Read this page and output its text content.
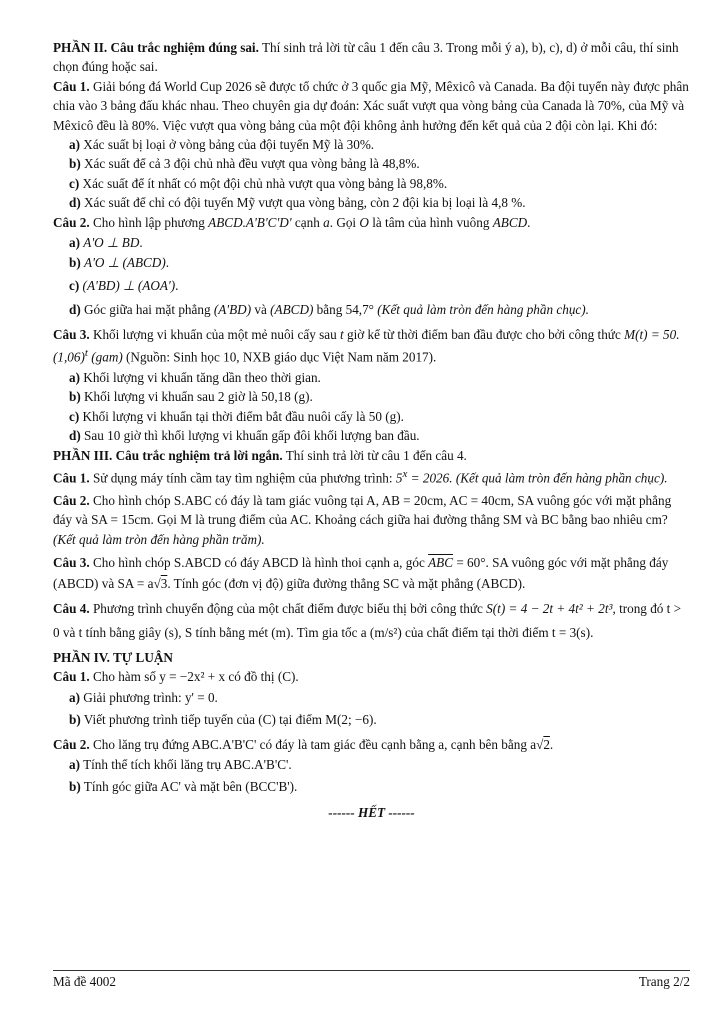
PHẦN II. Câu trắc nghiệm đúng sai. Thí sinh trả lời từ câu 1 đến câu 3. Trong mỗi ý a), b), c), d) ở mỗi câu, thí sinh chọn đúng hoặc sai.

Câu 1. Giải bóng đá World Cup 2026 sẽ được tổ chức ở 3 quốc gia Mỹ, Mêxicô và Canada. Ba đội tuyển này được phân chia vào 3 bảng đấu khác nhau. Theo chuyên gia dự đoán: Xác suất vượt qua vòng bảng của Canada là 70%, của Mỹ và Mêxicô đều là 80%. Việc vượt qua vòng bảng của một đội không ảnh hưởng đến kết quả của 2 đội còn lại. Khi đó:

a) Xác suất bị loại ở vòng bảng của đội tuyển Mỹ là 30%.

b) Xác suất để cả 3 đội chủ nhà đều vượt qua vòng bảng là 48,8%.

c) Xác suất để ít nhất có một đội chủ nhà vượt qua vòng bảng là 98,8%.

d) Xác suất để chỉ có đội tuyển Mỹ vượt qua vòng bảng, còn 2 đội kia bị loại là 4,8 %.

Câu 2. Cho hình lập phương ABCD.A'B'C'D' cạnh a. Gọi O là tâm của hình vuông ABCD.

a) A'O ⊥ BD.

b) A'O ⊥ (ABCD).

c) (A'BD) ⊥ (AOA').

d) Góc giữa hai mặt phẳng (A'BD) và (ABCD) bằng 54,7° (Kết quả làm tròn đến hàng phần chục).

Câu 3. Khối lượng vi khuẩn của một mẻ nuôi cấy sau t giờ kể từ thời điểm ban đầu được cho bởi công thức $M(t) = 50.(1,06)^t$ (gam) (Nguồn: Sinh học 10, NXB giáo dục Việt Nam năm 2017).

a) Khối lượng vi khuẩn tăng dần theo thời gian.

b) Khối lượng vi khuẩn sau 2 giờ là 50,18 (g).

c) Khối lượng vi khuẩn tại thời điểm bắt đầu nuôi cấy là 50 (g).

d) Sau 10 giờ thì khối lượng vi khuẩn gấp đôi khối lượng ban đầu.

PHẦN III. Câu trắc nghiệm trả lời ngắn. Thí sinh trả lời từ câu 1 đến câu 4.

Câu 1. Sử dụng máy tính cầm tay tìm nghiệm của phương trình: $5^x = 2026$. (Kết quả làm tròn đến hàng phần chục).

Câu 2. Cho hình chóp S.ABC có đáy là tam giác vuông tại A, AB = 20cm, AC = 40cm, SA vuông góc với mặt phẳng đáy và SA = 15cm. Gọi M là trung điểm của AC. Khoảng cách giữa hai đường thẳng SM và BC bằng bao nhiêu cm? (Kết quả làm tròn đến hàng phần trăm).

Câu 3. Cho hình chóp S.ABCD có đáy ABCD là hình thoi cạnh a, góc $\overline{ABC} = 60^\circ$. SA vuông góc với mặt phẳng đáy (ABCD) và SA = a√3. Tính góc (đơn vị độ) giữa đường thẳng SC và mặt phẳng (ABCD).

Câu 4. Phương trình chuyển động của một chất điểm được biểu thị bởi công thức S(t) = 4 − 2t + 4t² + 2t³, trong đó t > 0 và t tính bằng giây (s), S tính bằng mét (m). Tìm gia tốc a (m/s²) của chất điểm tại thời điểm t = 3(s).

PHẦN IV. TỰ LUẬN

Câu 1. Cho hàm số y = −2x² + x có đồ thị (C).

a) Giải phương trình: y' = 0.

b) Viết phương trình tiếp tuyến của (C) tại điểm M(2; −6).

Câu 2. Cho lăng trụ đứng ABC.A'B'C' có đáy là tam giác đều cạnh bằng a, cạnh bên bằng a√2.

a) Tính thể tích khối lăng trụ ABC.A'B'C'.

b) Tính góc giữa AC' và mặt bên (BCC'B').

------ HẾT ------

Mã đề 4002	Trang 2/2
